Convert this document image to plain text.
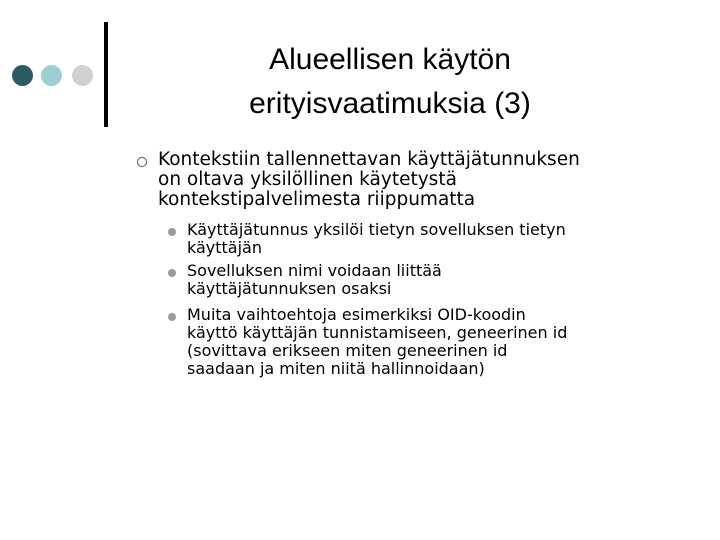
Alueellisen käytön
erityisvaatimuksia (3)
Kontekstiin tallennettavan käyttäjätunnuksen
on oltava yksilöllinen käytetystä
kontekstipalvelimesta riippumatta
Käyttäjätunnus yksilöi tietyn sovelluksen tietyn
käyttäjän
Sovelluksen nimi voidaan liittää
käyttäjätunnuksen osaksi
Muita vaihtoehtoja esimerkiksi OID-koodin
käyttö käyttäjän tunnistamiseen, geneerinen id
(sovittava erikseen miten geneerinen id
saadaan ja miten niitä hallinnoidaan)
